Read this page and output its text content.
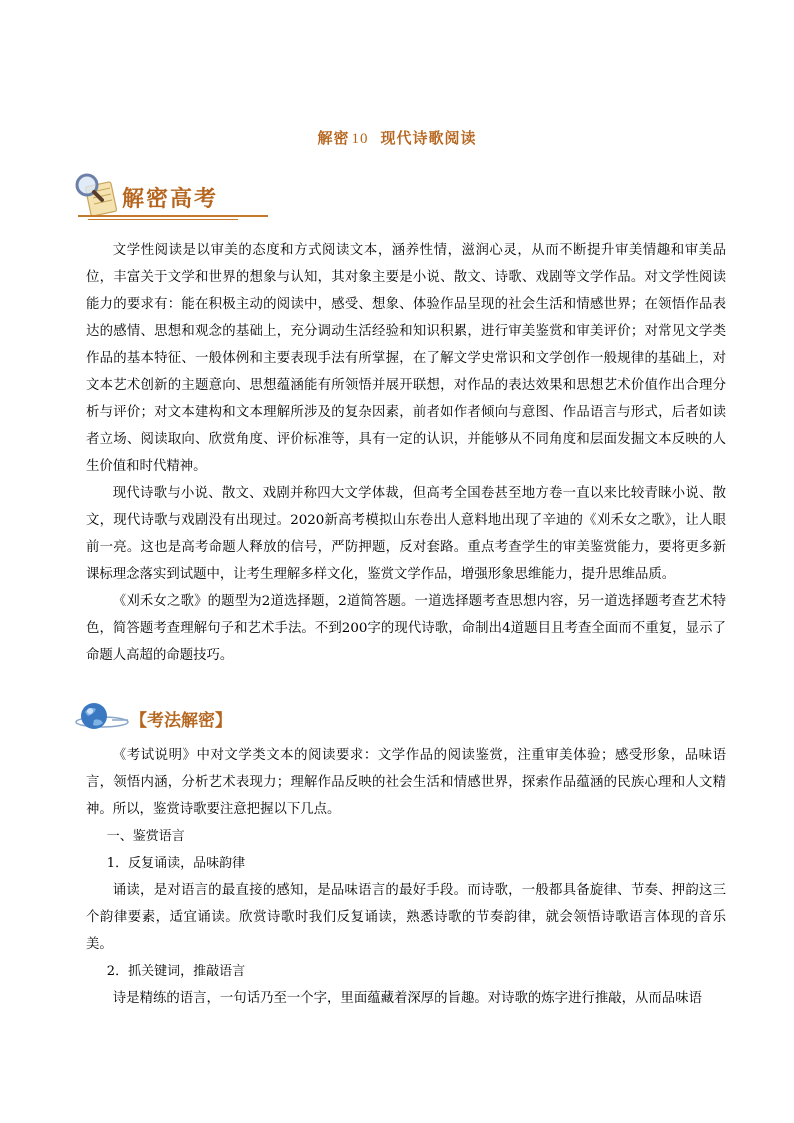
解密 10 现代诗歌阅读
解密高考

文学性阅读是以审美的态度和方式阅读文本，涵养性情，滋润心灵，从而不断提升审美情趣和审美品位，丰富关于文学和世界的想象与认知，其对象主要是小说、散文、诗歌、戏剧等文学作品。对文学性阅读能力的要求有：能在积极主动的阅读中，感受、想象、体验作品呈现的社会生活和情感世界；在领悟作品表达的感情、思想和观念的基础上，充分调动生活经验和知识积累，进行审美鉴赏和审美评价；对常见文学类作品的基本特征、一般体例和主要表现手法有所掌握，在了解文学史常识和文学创作一般规律的基础上，对文本艺术创新的主题意向、思想蕴涵能有所领悟并展开联想，对作品的表达效果和思想艺术价值作出合理分析与评价；对文本建构和文本理解所涉及的复杂因素，前者如作者倾向与意图、作品语言与形式，后者如读者立场、阅读取向、欣赏角度、评价标准等，具有一定的认识，并能够从不同角度和层面发掘文本反映的人生价值和时代精神。

现代诗歌与小说、散文、戏剧并称四大文学体裁，但高考全国卷甚至地方卷一直以来比较青睐小说、散文，现代诗歌与戏剧没有出现过。2020新高考模拟山东卷出人意料地出现了辛迪的《刈禾女之歌》，让人眼前一亮。这也是高考命题人释放的信号，严防押题，反对套路。重点考查学生的审美鉴赏能力，要将更多新课标理念落实到试题中，让考生理解多样文化，鉴赏文学作品，增强形象思维能力，提升思维品质。

《刈禾女之歌》的题型为2道选择题，2道简答题。一道选择题考查思想内容，另一道选择题考查艺术特色，简答题考查理解句子和艺术手法。不到200字的现代诗歌，命制出4道题目且考查全面而不重复，显示了命题人高超的命题技巧。

【考法解密】

《考试说明》中对文学类文本的阅读要求：文学作品的阅读鉴赏，注重审美体验；感受形象，品味语言，领悟内涵，分析艺术表现力；理解作品反映的社会生活和情感世界，探索作品蕴涵的民族心理和人文精神。所以，鉴赏诗歌要注意把握以下几点。

一、鉴赏语言

1．反复诵读，品味韵律

诵读，是对语言的最直接的感知，是品味语言的最好手段。而诗歌，一般都具备旋律、节奏、押韵这三个韵律要素，适宜诵读。欣赏诗歌时我们反复诵读，熟悉诗歌的节奏韵律，就会领悟诗歌语言体现的音乐美。

2．抓关键词，推敲语言

诗是精练的语言，一句话乃至一个字，里面蕴藏着深厚的旨趣。对诗歌的炼字进行推敲，从而品味语
